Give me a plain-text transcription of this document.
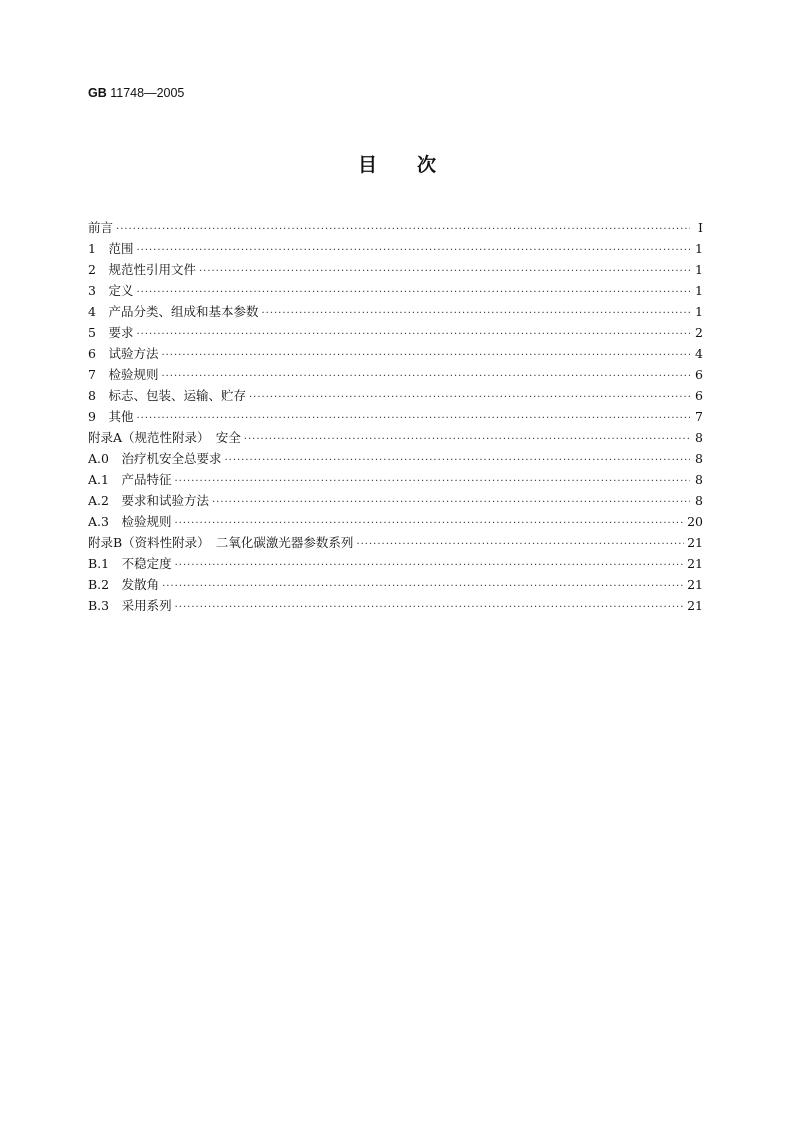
GB 11748—2005
目次
前言 ·····	I
1　范围 ·····	1
2　规范性引用文件 ·····	1
3　定义 ·····	1
4　产品分类、组成和基本参数 ·····	1
5　要求 ·····	2
6　试验方法 ·····	4
7　检验规则 ·····	6
8　标志、包装、运输、贮存 ·····	6
9　其他 ·····	7
附录A（规范性附录）　安全 ·····	8
A.0　治疗机安全总要求 ·····	8
A.1　产品特征 ·····	8
A.2　要求和试验方法 ·····	8
A.3　检验规则 ·····	20
附录B（资料性附录）　二氧化碳激光器参数系列 ·····	21
B.1　不稳定度 ·····	21
B.2　发散角 ·····	21
B.3　采用系列 ·····	21
